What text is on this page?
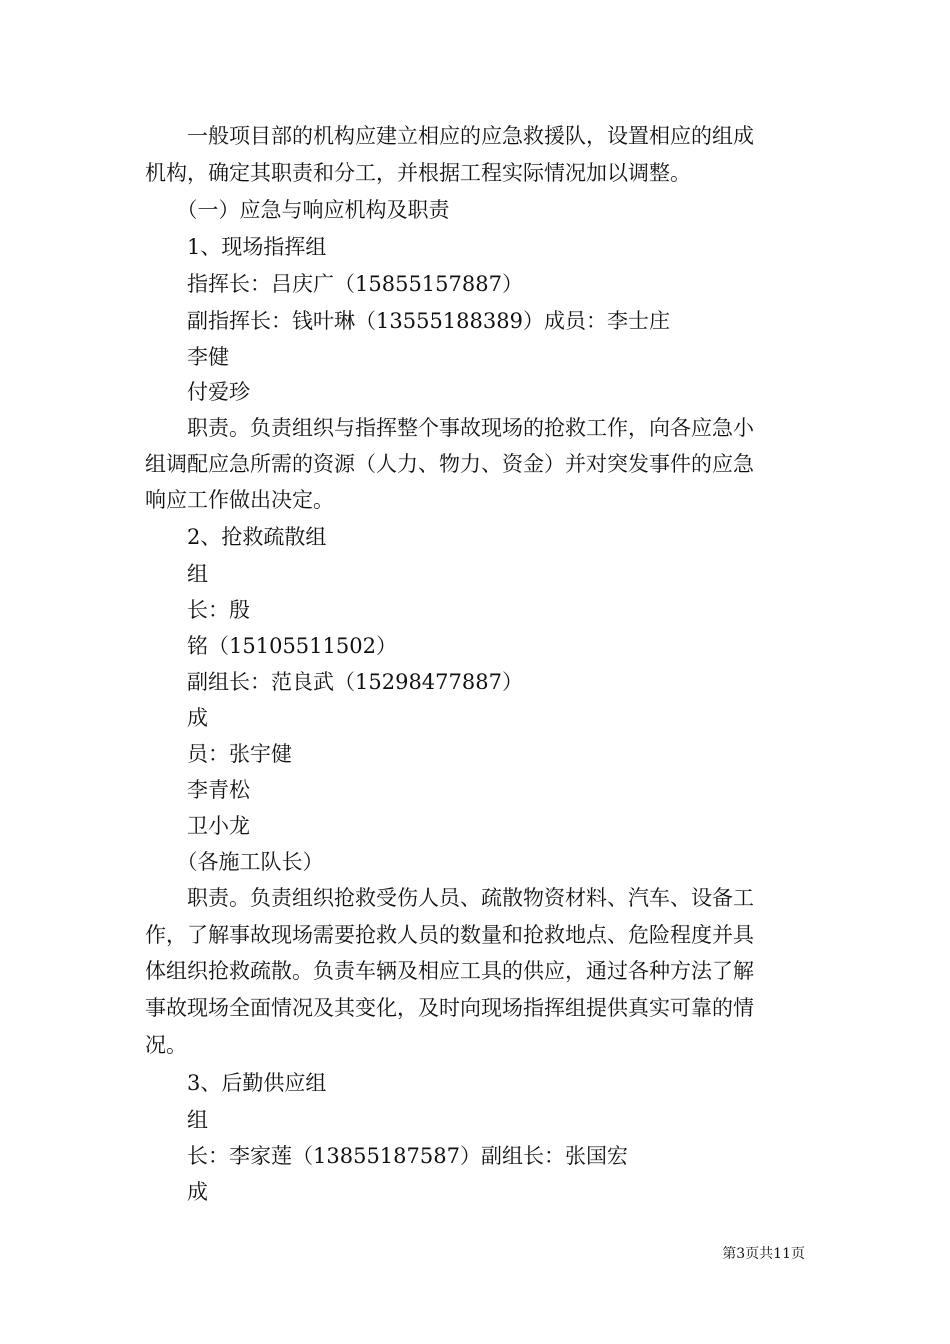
　　一般项目部的机构应建立相应的应急救援队，设置相应的组成
机构，确定其职责和分工，并根据工程实际情况加以调整。
　　（一）应急与响应机构及职责
　　1、现场指挥组
　　指挥长：吕庆广（15855157887）
　　副指挥长：钱叶琳（13555188389）成员：李士庄
　　李健
　　付爱珍
　　职责。负责组织与指挥整个事故现场的抢救工作，向各应急小
组调配应急所需的资源（人力、物力、资金）并对突发事件的应急
响应工作做出决定。
　　2、抢救疏散组
　　组
　　长：殷
　　铭（15105511502）
　　副组长：范良武（15298477887）
　　成
　　员：张宇健
　　李青松
　　卫小龙
　　（各施工队长）
　　职责。负责组织抢救受伤人员、疏散物资材料、汽车、设备工
作，了解事故现场需要抢救人员的数量和抢救地点、危险程度并具
体组织抢救疏散。负责车辆及相应工具的供应，通过各种方法了解
事故现场全面情况及其变化，及时向现场指挥组提供真实可靠的情
况。
　　3、后勤供应组
　　组
　　长：李家莲（13855187587）副组长：张国宏
　　成
第3页共11页
